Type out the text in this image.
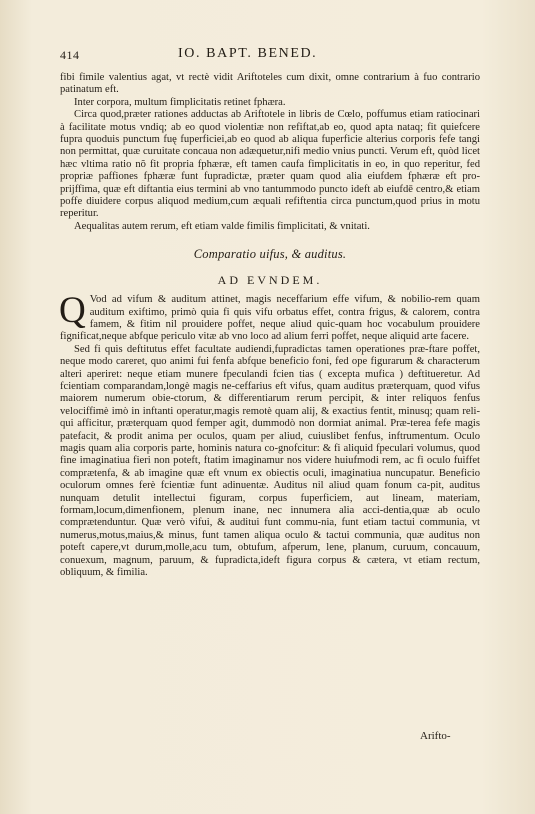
414	IO. BAPT. BENED.

fibi fimile valentius agat, vt rectè vidit Ariftoteles cum dixit, omne contrarium à fuo contrario patinatum eft.

Inter corpora, multum fimplicitatis retinet fphæra.

Circa quod,præter rationes adductas ab Ariftotele in libris de Cœlo, poffumus etiam ratiocinari à facilitate motus vndiq; ab eo quod violentiæ non refiftat,ab eo, quod apta nataq; fit quiefcere fupra quoduis punctum fuę fuperficiei,ab eo quod ab aliqua fuperficie alterius corporis fefe tangi non permittat, quæ curuitate concaua non adæquetur,nifi medio vnius puncti. Verum eft, quòd licet hæc vltima ratio nõ fit propria fphæræ, eft tamen caufa fimplicitatis in eo, in quo reperitur, fed propriæ paffiones fphæræ funt fupradictæ, præter quam quod alia eiufdem fphæræ eft pro-prijffima, quæ eft diftantia eius termini ab vno tantummodo puncto ideft ab eiufdē centro,& etiam poffe diuidere corpus aliquod medium,cum æquali refiftentia circa punctum,quod prius in motu reperitur.

Aequalitas autem rerum, eft etiam valde fimilis fimplicitati, & vnitati.

Comparatio uifus, & auditus.

AD EVNDEM.

Q Vod ad vifum & auditum attinet, magis neceffarium effe vifum, & nobilio-rem quam auditum exiftimo, primò quia fi quis vifu orbatus effet, contra frigus, & calorem, contra famem, & fitim nil prouidere poffet, neque aliud quic-quam hoc vocabulum prouidere fignificat,neque abfque periculo vitæ ab vno loco ad alium ferri poffet, neque aliquid arte facere.

Sed fi quis deftitutus effet facultate audiendi,fupradictas tamen operationes præ-ftare poffet, neque modo careret, quo animi fui fenfa abfque beneficio foni, fed ope figurarum & characterum alteri aperiret: neque etiam munere fpeculandi fcien tias ( excepta mufica ) deftitueretur. Ad fcientiam comparandam,longè magis ne-ceffarius eft vifus, quam auditus præterquam, quod vifus maiorem numerum obie-ctorum, & differentiarum rerum percipit, & inter reliquos fenfus velociffimè imò in inftanti operatur,magis remotè quam alij, & exactius fentit, minusq; quam reli-qui afficitur, præterquam quod femper agit, dummodò non dormiat animal. Præ-terea fefe magis patefacit, & prodit anima per oculos, quam per aliud, cuiuslibet fenfus, inftrumentum. Oculo magis quam alia corporis parte, hominis natura co-gnofcitur: & fi aliquid fpeculari volumus, quod fine imaginatiua fieri non poteft, ftatim imaginamur nos videre huiufmodi rem, ac fi oculo fuiffet comprætenfa, & ab imagine quæ eft vnum ex obiectis oculi, imaginatiua nuncupatur. Beneficio oculorum omnes ferè fcientiæ funt adinuentæ. Auditus nil aliud quam fonum ca-pit, auditus nunquam detulit intellectui figuram, corpus fuperficiem, aut lineam, materiam, formam,locum,dimenfionem, plenum inane, nec innumera alia acci-dentia,quæ ab oculo comprætenduntur. Quæ verò vifui, & auditui funt commu-nia, funt etiam tactui communia, vt numerus,motus,maius,& minus, funt tamen aliqua oculo & tactui communia, quæ auditus non poteft capere,vt durum,molle,acu tum, obtufum, afperum, lene, planum, curuum, concauum, conuexum, magnum, paruum, & fupradicta,ideft figura corpus & cætera, vt etiam rectum, obliquum, & fimilia.

Arifto-
